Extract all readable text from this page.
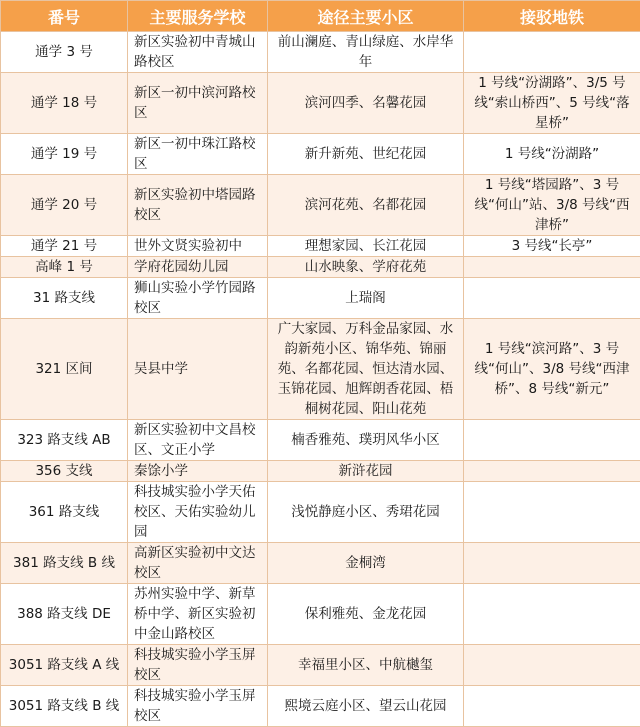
番号	主要服务学校	途径主要小区	接驳地铁
通学 3 号	新区实验初中青城山路校区	前山澜庭、青山绿庭、水岸华年	
通学 18 号	新区一初中滨河路校区	滨河四季、名馨花园	1 号线“汾湖路”、3/5 号线“索山桥西”、5 号线“落星桥”
通学 19 号	新区一初中珠江路校区	新升新苑、世纪花园	1 号线“汾湖路”
通学 20 号	新区实验初中塔园路校区	滨河花苑、名都花园	1 号线“塔园路”、3 号线“何山”站、3/8 号线“西津桥”
通学 21 号	世外文贤实验初中	理想家园、长江花园	3 号线“长亭”
高峰 1 号	学府花园幼儿园	山水映象、学府花苑	
31 路支线	狮山实验小学竹园路校区	上瑞阁	
321 区间	吴县中学	广大家园、万科金品家园、水韵新苑小区、锦华苑、锦丽苑、名都花园、恒达清水园、玉锦花园、旭辉朗香花园、梧桐树花园、阳山花苑	1 号线“滨河路”、3 号线“何山”、3/8 号线“西津桥”、8 号线“新元”
323 路支线 AB	新区实验初中文昌校区、文正小学	楠香雅苑、璞玥风华小区	
356 支线	秦馀小学	新浒花园	
361 路支线	科技城实验小学天佑校区、天佑实验幼儿园	浅悦静庭小区、秀珺花园	
381 路支线 B 线	高新区实验初中文达校区	金桐湾	
388 路支线 DE	苏州实验中学、新草桥中学、新区实验初中金山路校区	保利雅苑、金龙花园	
3051 路支线 A 线	科技城实验小学玉屏校区	幸福里小区、中航樾玺	
3051 路支线 B 线	科技城实验小学玉屏校区	熙境云庭小区、望云山花园	
